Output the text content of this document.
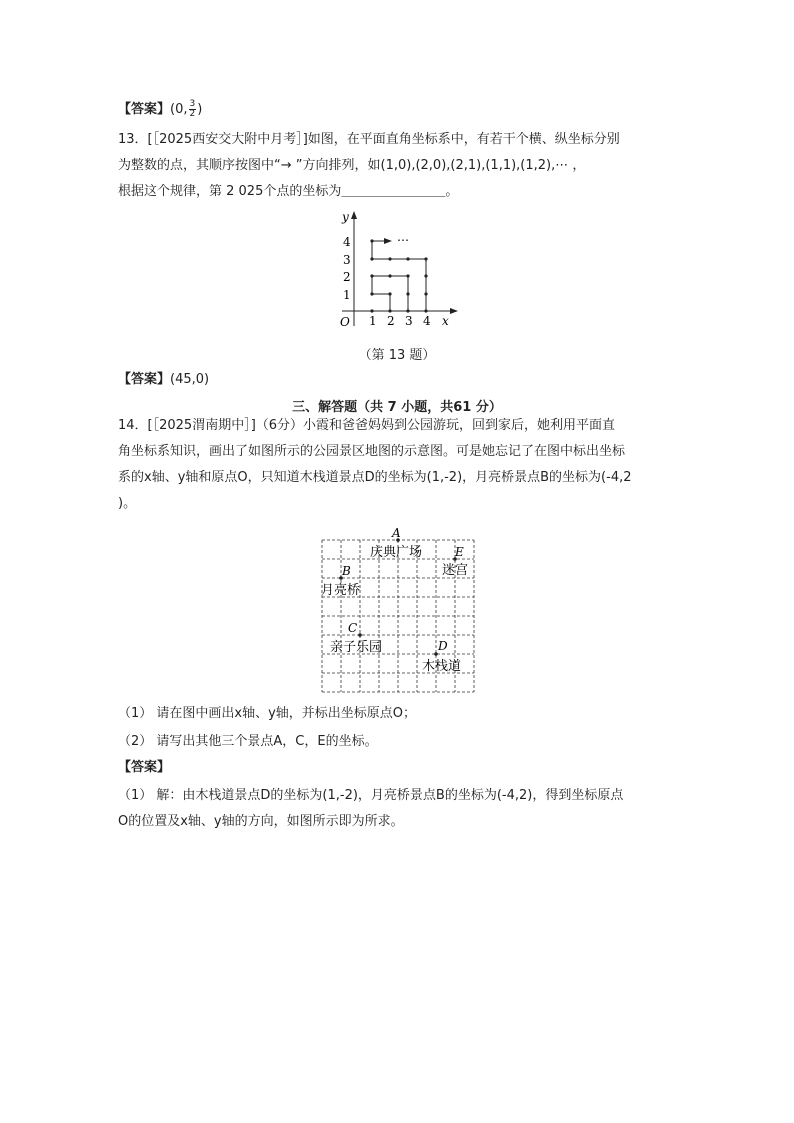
【答案】(0, $\frac{3}{2}$ )
13．[［2025西安交大附中月考］]如图，在平面直角坐标系中，有若干个横、纵坐标分别
为整数的点，其顺序按图中“→ ”方向排列，如(1,0),(2,0),(2,1),(1,1),(1,2),⋯ ，
根据这个规律，第 2 025个点的坐标为＿＿＿＿＿＿＿＿。
y
x
O 1 2 3 4
1
2
3
4	⋯
（第 13 题）
【答案】(45,0)
三、解答题（共 7 小题，共61 分）
14．[［2025渭南期中］]（6分）小霞和爸爸妈妈到公园游玩，回到家后，她利用平面直
角坐标系知识，画出了如图所示的公园景区地图的示意图。可是她忘记了在图中标出坐标
系的x轴、y轴和原点O，只知道木栈道景点D的坐标为(1,-2)，月亮桥景点B的坐标为(-4,2
)。
A
E
B
C
D
庆典广场
迷宫
月亮桥
亲子乐园
木栈道
（1） 请在图中画出x轴、y轴，并标出坐标原点O；
（2） 请写出其他三个景点A，C，E的坐标。
【答案】
（1） 解：由木栈道景点D的坐标为(1,-2)，月亮桥景点B的坐标为(-4,2)，得到坐标原点
O的位置及x轴、y轴的方向，如图所示即为所求。
